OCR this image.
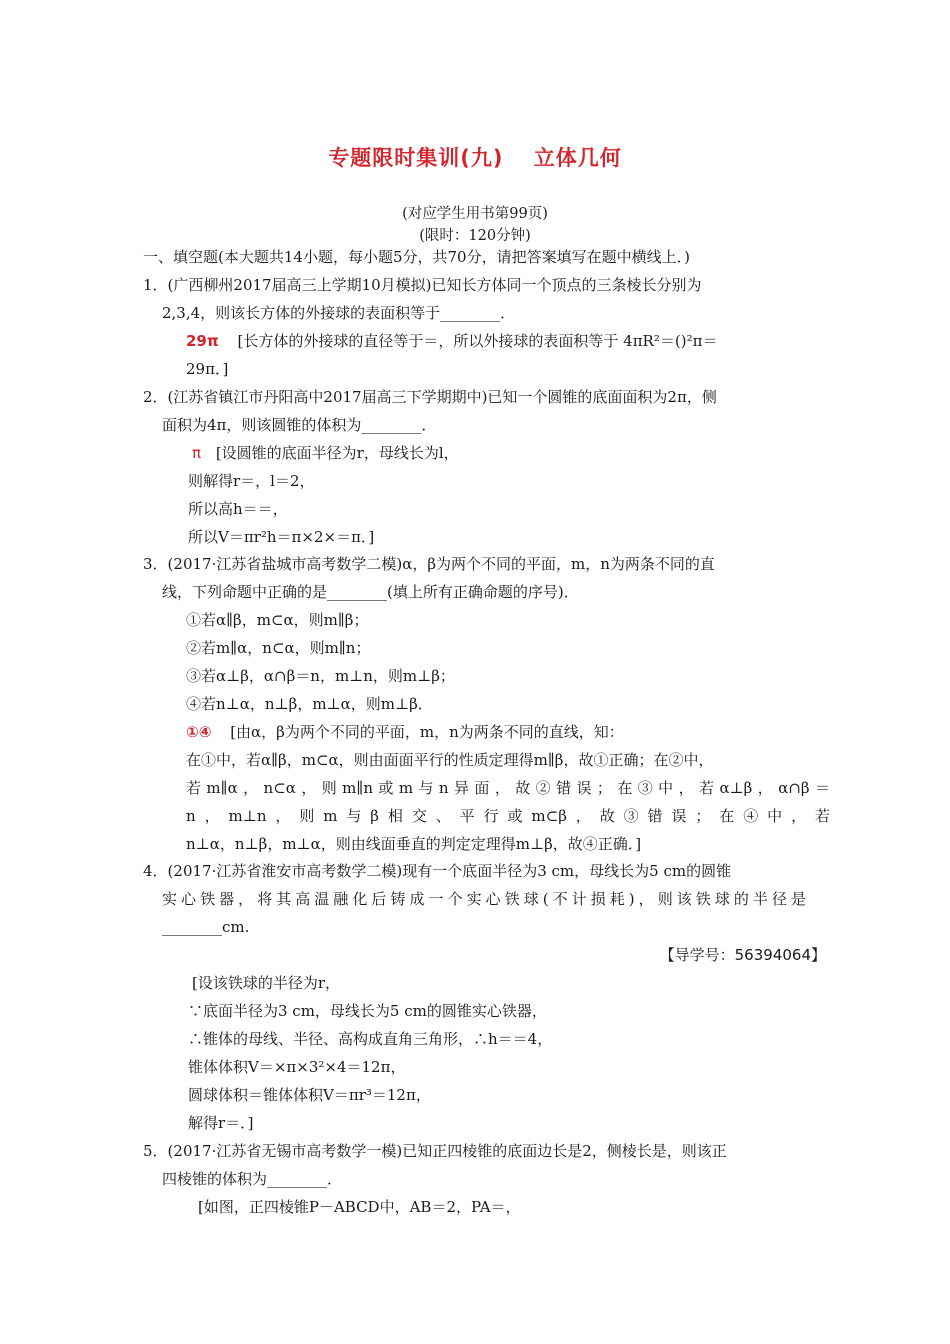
专题限时集训(九)　 立体几何
(对应学生用书第99页)
(限时：120分钟)
一、填空题(本大题共14小题，每小题5分，共70分，请把答案填写在题中横线上．)
1．(广西柳州2017届高三上学期10月模拟)已知长方体同一个顶点的三条棱长分别为
2,3,4，则该长方体的外接球的表面积等于________．
29π [长方体的外接球的直径等于＝，所以外接球的表面积等于 4πR²＝()²π＝
29π．]
2．(江苏省镇江市丹阳高中2017届高三下学期期中)已知一个圆锥的底面面积为2π，侧
面积为4π，则该圆锥的体积为________．
π [设圆锥的底面半径为r，母线长为l，
则解得r＝，l＝2，
所以高h＝＝，
所以V＝πr²h＝π×2×＝π．]
3．(2017·江苏省盐城市高考数学二模)α，β为两个不同的平面，m，n为两条不同的直
线，下列命题中正确的是________(填上所有正确命题的序号)．
①若α∥β，m⊂α，则m∥β；
②若m∥α，n⊂α，则m∥n；
③若α⊥β，α∩β＝n，m⊥n，则m⊥β；
④若n⊥α，n⊥β，m⊥α，则m⊥β．
①④ [由α，β为两个不同的平面，m，n为两条不同的直线，知：
在①中，若α∥β，m⊂α，则由面面平行的性质定理得m∥β，故①正确；在②中，
若m∥α，n⊂α，则m∥n或m与n异面，故②错误；在③中，若α⊥β，α∩β＝
n，m⊥n，则m与β相交、平行或m⊂β，故③错误；在④中，若
n⊥α，n⊥β，m⊥α，则由线面垂直的判定定理得m⊥β，故④正确．]
4．(2017·江苏省淮安市高考数学二模)现有一个底面半径为3 cm，母线长为5 cm的圆锥
实心铁器，将其高温融化后铸成一个实心铁球(不计损耗)，则该铁球的半径是
________cm.
【导学号：56394064】
[设该铁球的半径为r，
∵底面半径为3 cm，母线长为5 cm的圆锥实心铁器，
∴锥体的母线、半径、高构成直角三角形，∴h＝＝4，
锥体体积V＝×π×3²×4＝12π，
圆球体积＝锥体体积V＝πr³＝12π，
解得r＝．]
5．(2017·江苏省无锡市高考数学一模)已知正四棱锥的底面边长是2，侧棱长是，则该正
四棱锥的体积为________．
[如图，正四棱锥P－ABCD中，AB＝2，PA＝，
